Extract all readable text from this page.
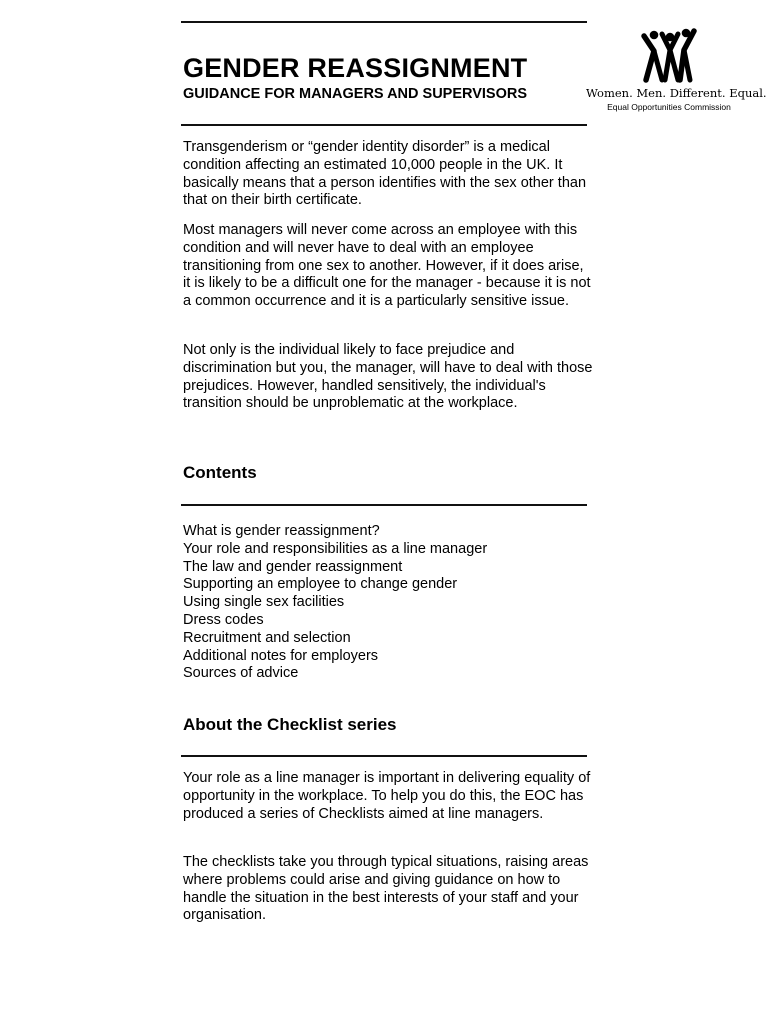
GENDER REASSIGNMENT
GUIDANCE FOR MANAGERS AND SUPERVISORS	Women. Men. Different. Equal.
Equal Opportunities Commission
Transgenderism or “gender identity disorder” is a medical condition affecting an estimated 10,000 people in the UK. It basically means that a person identifies with the sex other than that on their birth certificate.
Most managers will never come across an employee with this condition and will never have to deal with an employee transitioning from one sex to another. However, if it does arise, it is likely to be a difficult one for the manager - because it is not a common occurrence and it is a particularly sensitive issue.
Not only is the individual likely to face prejudice and discrimination but you, the manager, will have to deal with those prejudices. However, handled sensitively, the individual's transition should be unproblematic at the workplace.
Contents
What is gender reassignment?
Your role and responsibilities as a line manager
The law and gender reassignment
Supporting an employee to change gender
Using single sex facilities
Dress codes
Recruitment and selection
Additional notes for employers
Sources of advice
About the Checklist series
Your role as a line manager is important in delivering equality of opportunity in the workplace. To help you do this, the EOC has produced a series of Checklists aimed at line managers.
The checklists take you through typical situations, raising areas where problems could arise and giving guidance on how to handle the situation in the best interests of your staff and your organisation.
